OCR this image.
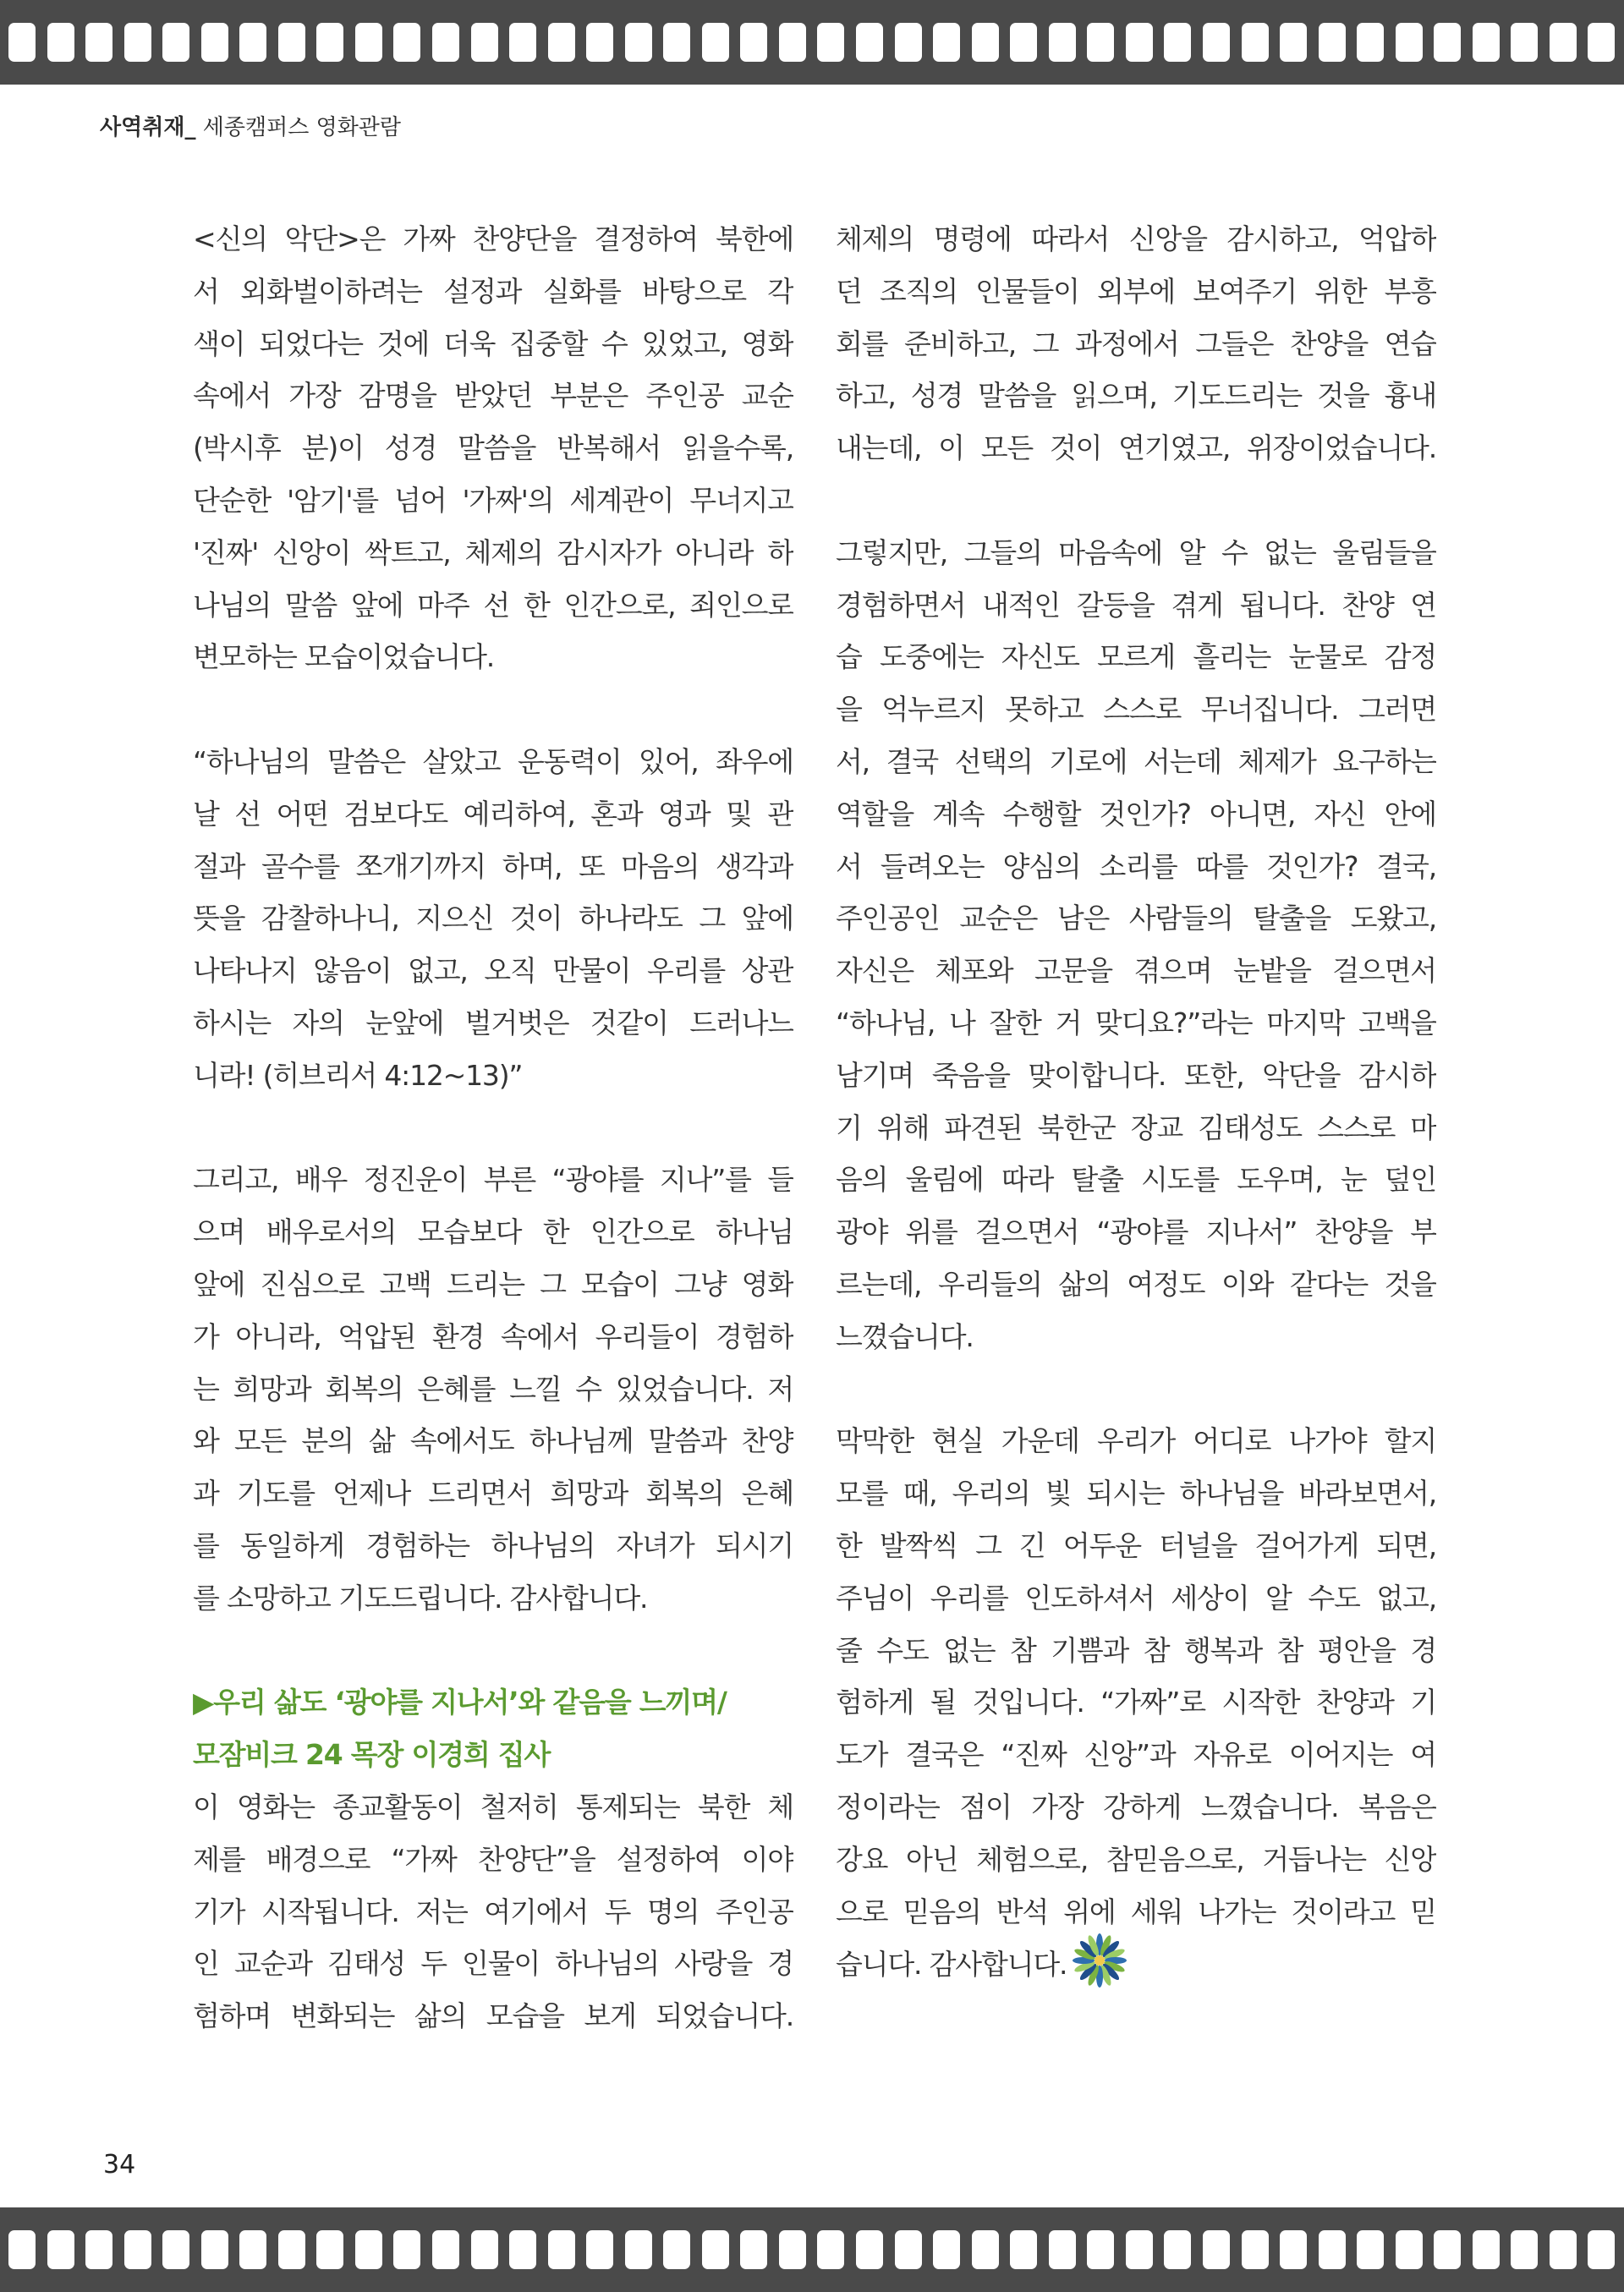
사역취재_ 세종캠퍼스 영화관람
<신의 악단>은 가짜 찬양단을 결정하여 북한에
서 외화벌이하려는 설정과 실화를 바탕으로 각
색이 되었다는 것에 더욱 집중할 수 있었고, 영화
속에서 가장 감명을 받았던 부분은 주인공 교순
(박시후 분)이 성경 말씀을 반복해서 읽을수록,
단순한 '암기'를 넘어 '가짜'의 세계관이 무너지고
'진짜' 신앙이 싹트고, 체제의 감시자가 아니라 하
나님의 말씀 앞에 마주 선 한 인간으로, 죄인으로
변모하는 모습이었습니다.
“하나님의 말씀은 살았고 운동력이 있어, 좌우에
날 선 어떤 검보다도 예리하여, 혼과 영과 및 관
절과 골수를 쪼개기까지 하며, 또 마음의 생각과
뜻을 감찰하나니, 지으신 것이 하나라도 그 앞에
나타나지 않음이 없고, 오직 만물이 우리를 상관
하시는 자의 눈앞에 벌거벗은 것같이 드러나느
니라! (히브리서 4:12~13)”
그리고, 배우 정진운이 부른 “광야를 지나”를 들
으며 배우로서의 모습보다 한 인간으로 하나님
앞에 진심으로 고백 드리는 그 모습이 그냥 영화
가 아니라, 억압된 환경 속에서 우리들이 경험하
는 희망과 회복의 은혜를 느낄 수 있었습니다. 저
와 모든 분의 삶 속에서도 하나님께 말씀과 찬양
과 기도를 언제나 드리면서 희망과 회복의 은혜
를 동일하게 경험하는 하나님의 자녀가 되시기
를 소망하고 기도드립니다. 감사합니다.
▶우리 삶도 ‘광야를 지나서’와 같음을 느끼며/
모잠비크 24 목장 이경희 집사
이 영화는 종교활동이 철저히 통제되는 북한 체
제를 배경으로 “가짜 찬양단”을 설정하여 이야
기가 시작됩니다. 저는 여기에서 두 명의 주인공
인 교순과 김태성 두 인물이 하나님의 사랑을 경
험하며 변화되는 삶의 모습을 보게 되었습니다.
체제의 명령에 따라서 신앙을 감시하고, 억압하
던 조직의 인물들이 외부에 보여주기 위한 부흥
회를 준비하고, 그 과정에서 그들은 찬양을 연습
하고, 성경 말씀을 읽으며, 기도드리는 것을 흉내
내는데, 이 모든 것이 연기였고, 위장이었습니다.
그렇지만, 그들의 마음속에 알 수 없는 울림들을
경험하면서 내적인 갈등을 겪게 됩니다. 찬양 연
습 도중에는 자신도 모르게 흘리는 눈물로 감정
을 억누르지 못하고 스스로 무너집니다. 그러면
서, 결국 선택의 기로에 서는데 체제가 요구하는
역할을 계속 수행할 것인가? 아니면, 자신 안에
서 들려오는 양심의 소리를 따를 것인가? 결국,
주인공인 교순은 남은 사람들의 탈출을 도왔고,
자신은 체포와 고문을 겪으며 눈밭을 걸으면서
“하나님, 나 잘한 거 맞디요?”라는 마지막 고백을
남기며 죽음을 맞이합니다. 또한, 악단을 감시하
기 위해 파견된 북한군 장교 김태성도 스스로 마
음의 울림에 따라 탈출 시도를 도우며, 눈 덮인
광야 위를 걸으면서 “광야를 지나서” 찬양을 부
르는데, 우리들의 삶의 여정도 이와 같다는 것을
느꼈습니다.
막막한 현실 가운데 우리가 어디로 나가야 할지
모를 때, 우리의 빛 되시는 하나님을 바라보면서,
한 발짝씩 그 긴 어두운 터널을 걸어가게 되면,
주님이 우리를 인도하셔서 세상이 알 수도 없고,
줄 수도 없는 참 기쁨과 참 행복과 참 평안을 경
험하게 될 것입니다. “가짜”로 시작한 찬양과 기
도가 결국은 “진짜 신앙”과 자유로 이어지는 여
정이라는 점이 가장 강하게 느꼈습니다. 복음은
강요 아닌 체험으로, 참믿음으로, 거듭나는 신앙
으로 믿음의 반석 위에 세워 나가는 것이라고 믿
습니다. 감사합니다.
34
